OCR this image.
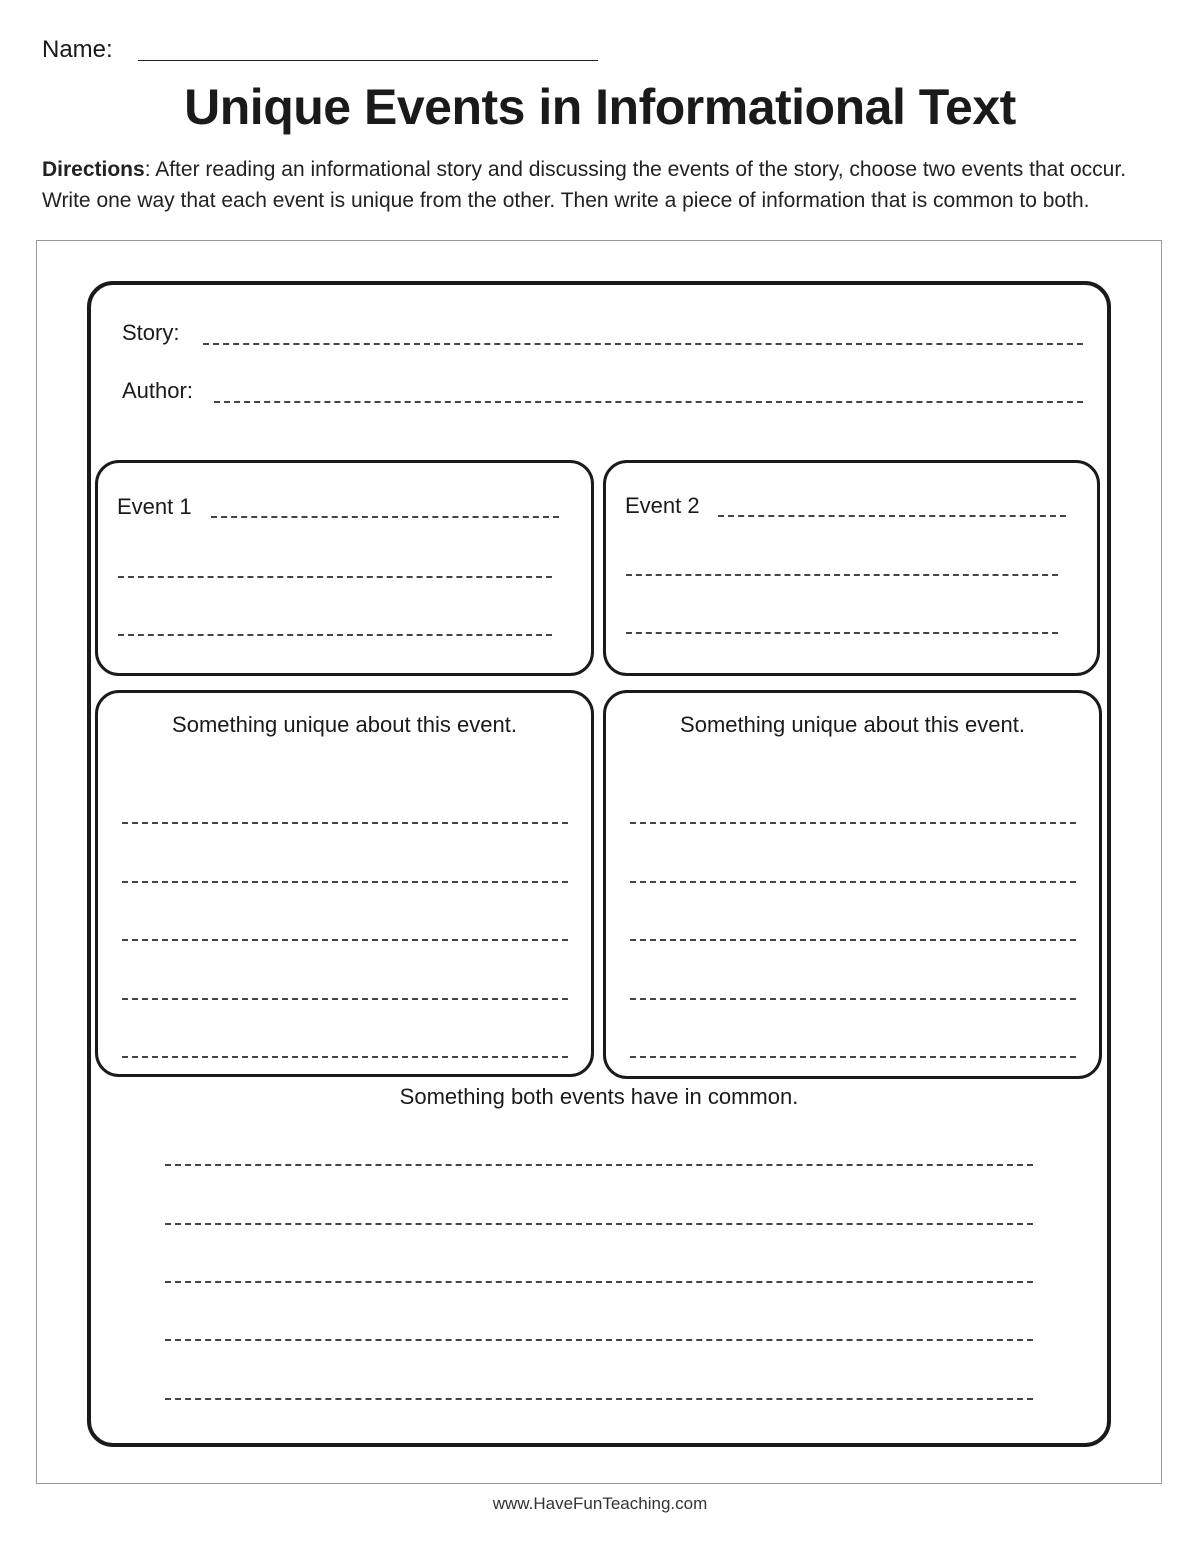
Name:
Unique Events in Informational Text
Directions: After reading an informational story and discussing the events of the story, choose two events that occur. Write one way that each event is unique from the other. Then write a piece of information that is common to both.
Story:
Author:
Event 1	Event 2
Something unique about this event.	Something unique about this event.
Something both events have in common.
www.HaveFunTeaching.com
